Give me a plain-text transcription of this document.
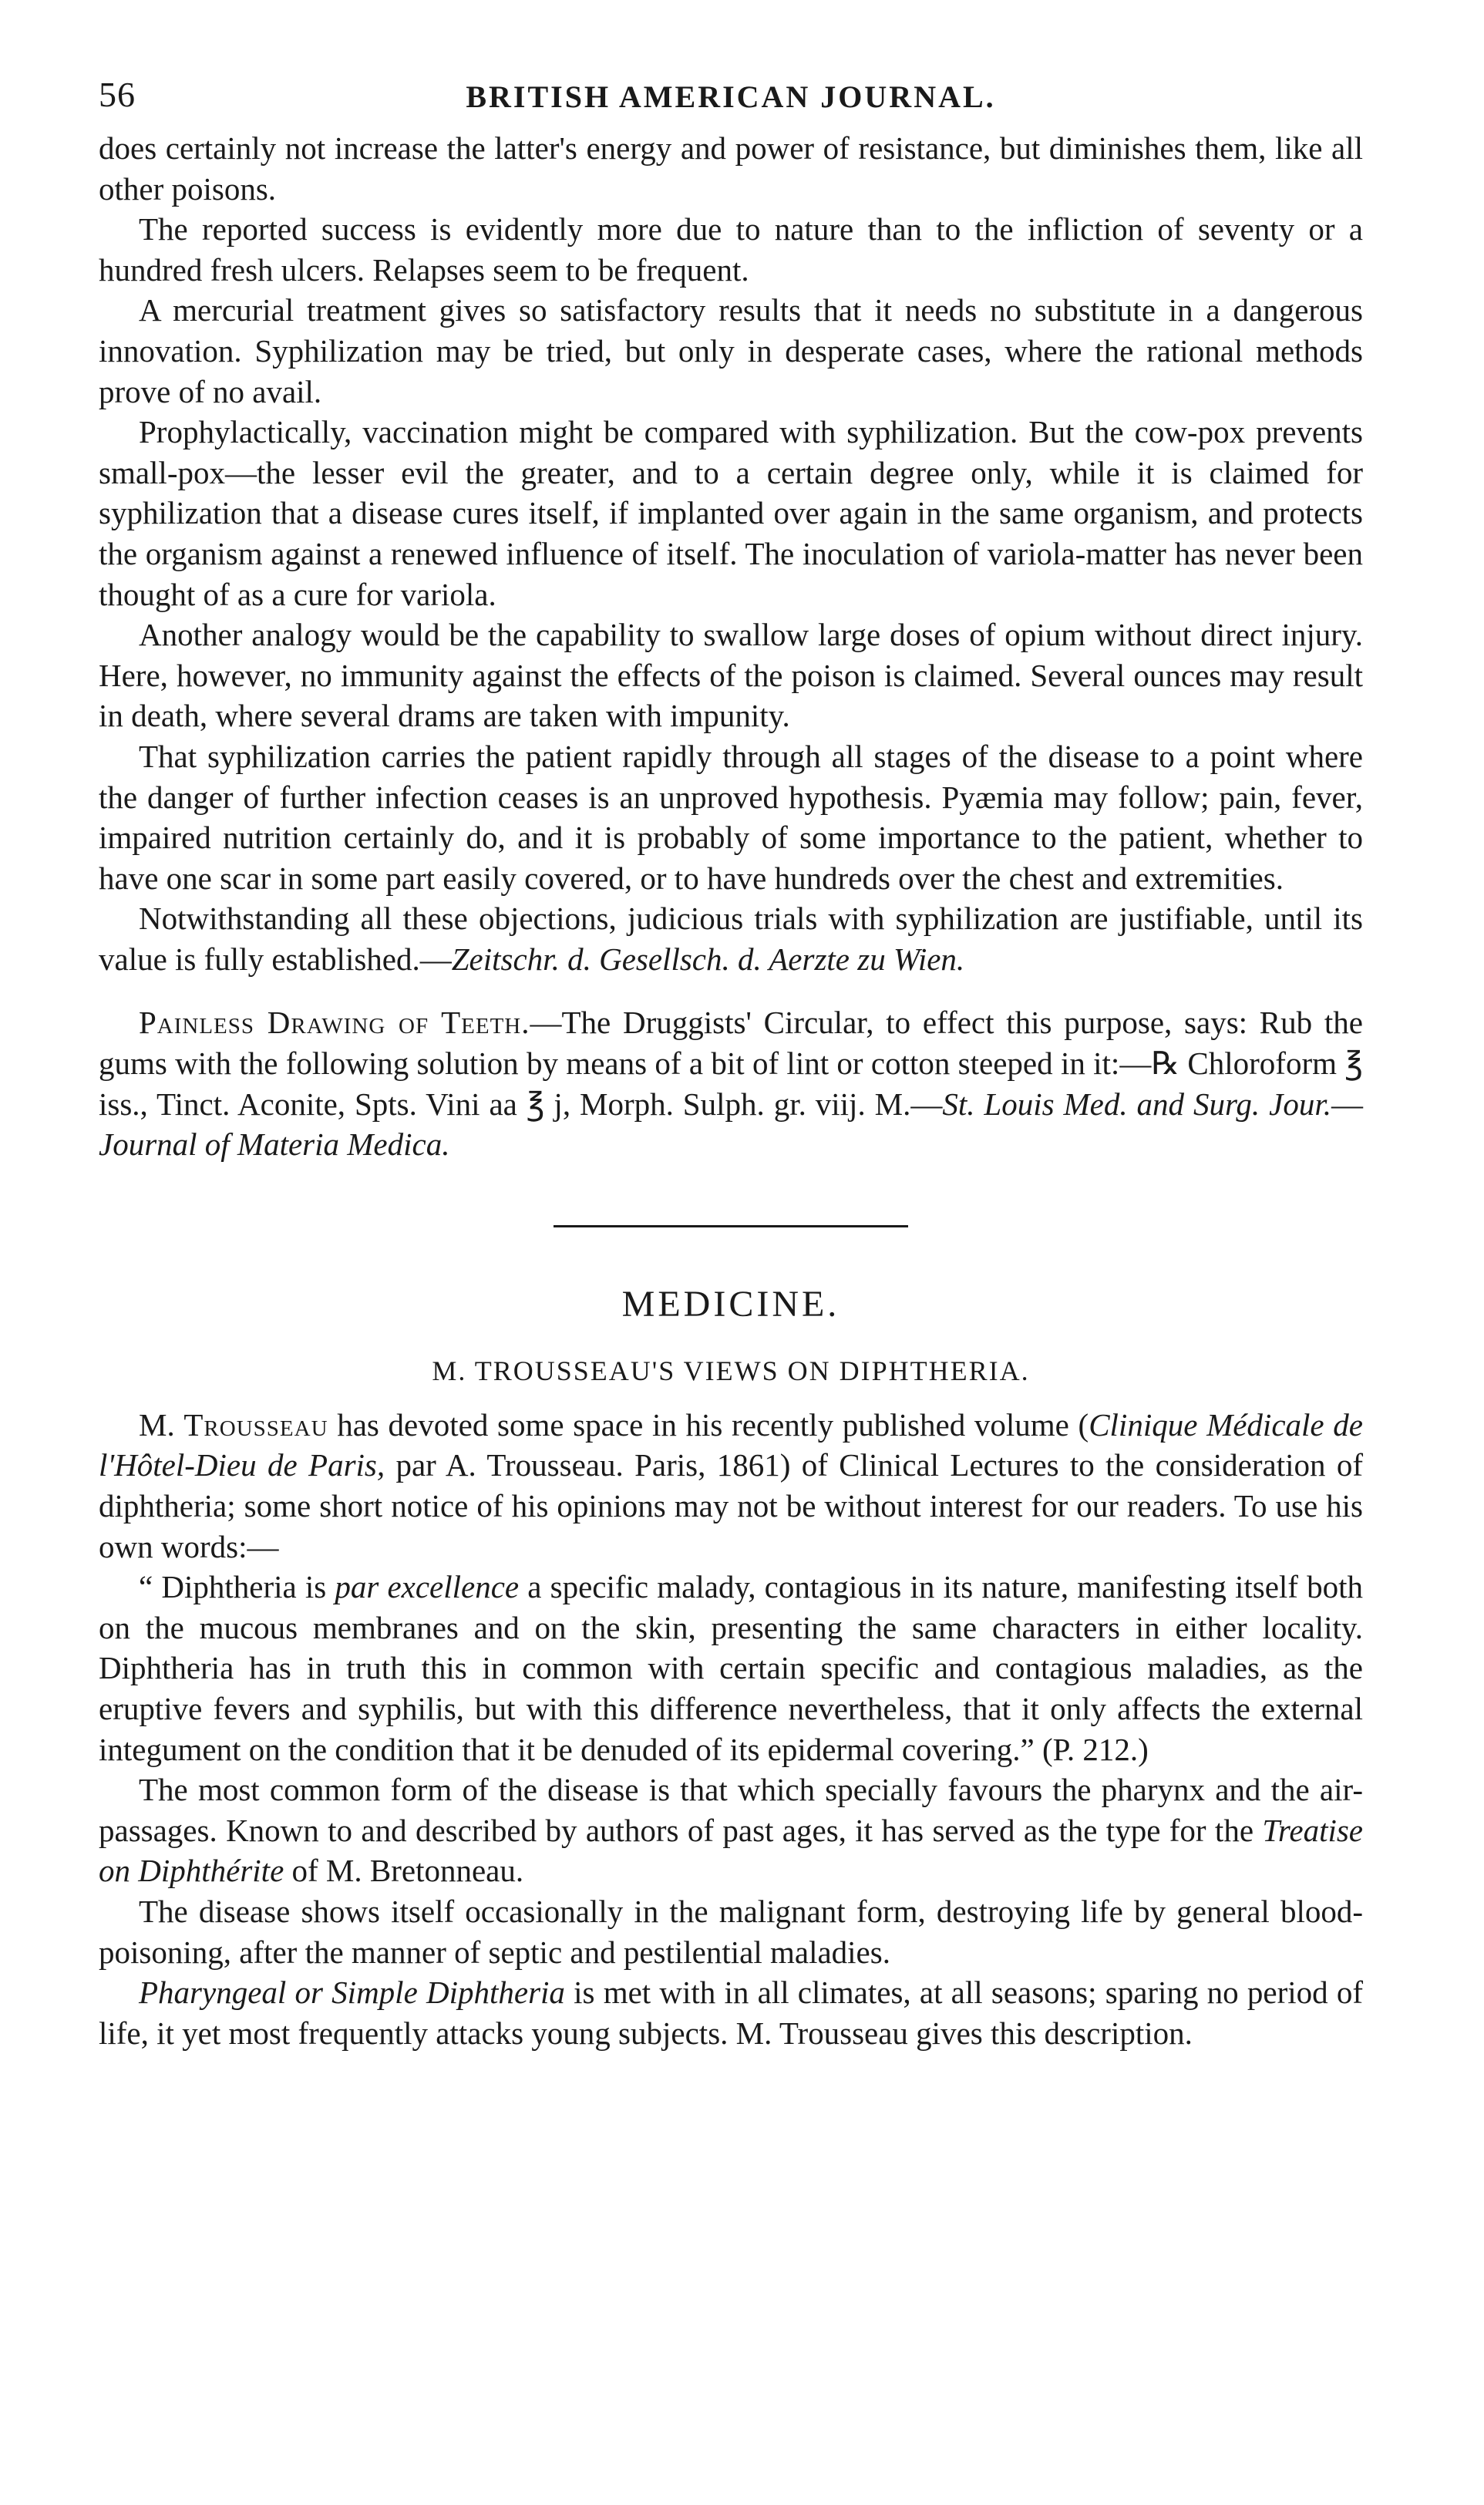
56	BRITISH AMERICAN JOURNAL.

does certainly not increase the latter's energy and power of resistance, but diminishes them, like all other poisons.

The reported success is evidently more due to nature than to the infliction of seventy or a hundred fresh ulcers. Relapses seem to be frequent.

A mercurial treatment gives so satisfactory results that it needs no substitute in a dangerous innovation. Syphilization may be tried, but only in desperate cases, where the rational methods prove of no avail.

Prophylactically, vaccination might be compared with syphilization. But the cow-pox prevents small-pox—the lesser evil the greater, and to a certain degree only, while it is claimed for syphilization that a disease cures itself, if implanted over again in the same organism, and protects the organism against a renewed influence of itself. The inoculation of variola-matter has never been thought of as a cure for variola.

Another analogy would be the capability to swallow large doses of opium without direct injury. Here, however, no immunity against the effects of the poison is claimed. Several ounces may result in death, where several drams are taken with impunity.

That syphilization carries the patient rapidly through all stages of the disease to a point where the danger of further infection ceases is an unproved hypothesis. Pyæmia may follow; pain, fever, impaired nutrition certainly do, and it is probably of some importance to the patient, whether to have one scar in some part easily covered, or to have hundreds over the chest and extremities.

Notwithstanding all these objections, judicious trials with syphilization are justifiable, until its value is fully established.—Zeitschr. d. Gesellsch. d. Aerzte zu Wien.

Painless Drawing of Teeth.—The Druggists' Circular, to effect this purpose, says: Rub the gums with the following solution by means of a bit of lint or cotton steeped in it:—℞ Chloroform ℥ iss., Tinct. Aconite, Spts. Vini aa ℥ j, Morph. Sulph. gr. viij. M.—St. Louis Med. and Surg. Jour.—Journal of Materia Medica.

MEDICINE.
M. TROUSSEAU'S VIEWS ON DIPHTHERIA.

M. Trousseau has devoted some space in his recently published volume (Clinique Médicale de l'Hôtel-Dieu de Paris, par A. Trousseau. Paris, 1861) of Clinical Lectures to the consideration of diphtheria; some short notice of his opinions may not be without interest for our readers. To use his own words:—

“ Diphtheria is par excellence a specific malady, contagious in its nature, manifesting itself both on the mucous membranes and on the skin, presenting the same characters in either locality. Diphtheria has in truth this in common with certain specific and contagious maladies, as the eruptive fevers and syphilis, but with this difference nevertheless, that it only affects the external integument on the condition that it be denuded of its epidermal covering.” (P. 212.)

The most common form of the disease is that which specially favours the pharynx and the air-passages. Known to and described by authors of past ages, it has served as the type for the Treatise on Diphthérite of M. Bretonneau.

The disease shows itself occasionally in the malignant form, destroying life by general blood-poisoning, after the manner of septic and pestilential maladies.

Pharyngeal or Simple Diphtheria is met with in all climates, at all seasons; sparing no period of life, it yet most frequently attacks young subjects. M. Trousseau gives this description.
